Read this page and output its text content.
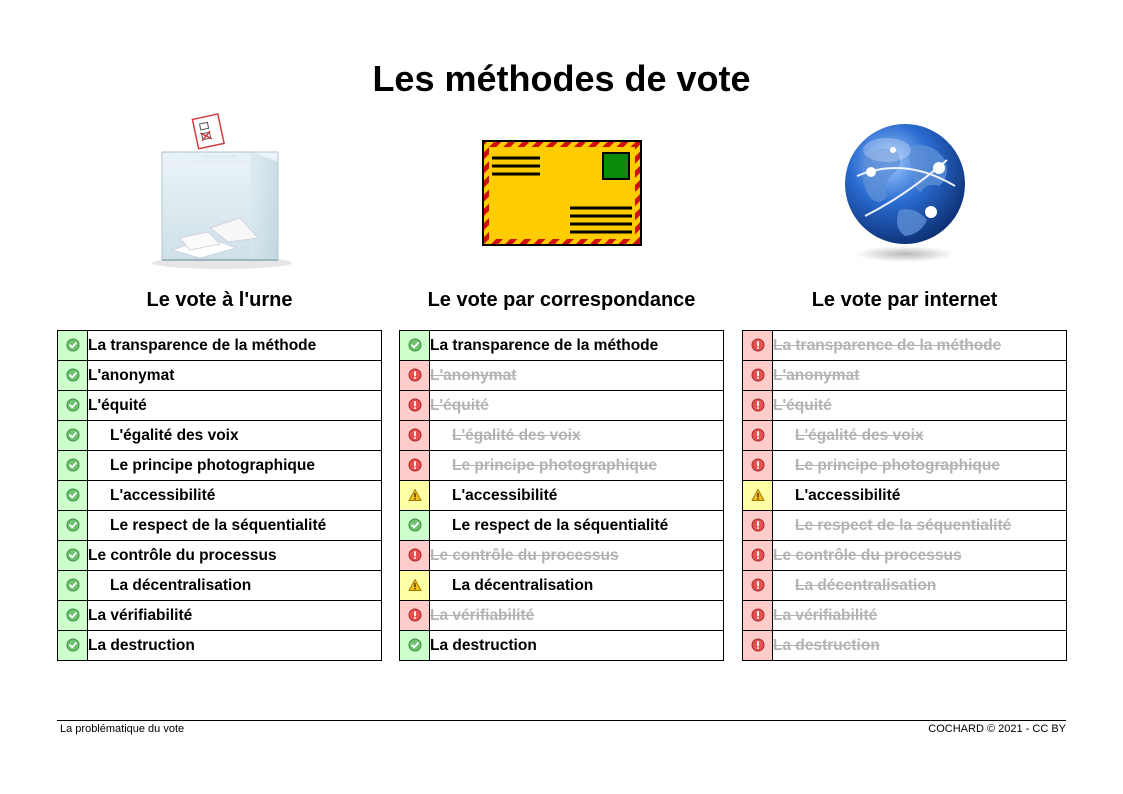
Les méthodes de vote
Le vote à l'urne
	La transparence de la méthode
	L'anonymat
	L'équité
	L'égalité des voix
	Le principe photographique
	L'accessibilité
	Le respect de la séquentialité
	Le contrôle du processus
	La décentralisation
	La vérifiabilité
	La destruction
Le vote par correspondance
	La transparence de la méthode
	L'anonymat
	L'équité
	L'égalité des voix
	Le principe photographique
	L'accessibilité
	Le respect de la séquentialité
	Le contrôle du processus
	La décentralisation
	La vérifiabilité
	La destruction
Le vote par internet
	La transparence de la méthode
	L'anonymat
	L'équité
	L'égalité des voix
	Le principe photographique
	L'accessibilité
	Le respect de la séquentialité
	Le contrôle du processus
	La décentralisation
	La vérifiabilité
	La destruction
La problématique du vote	COCHARD © 2021 - CC BY
